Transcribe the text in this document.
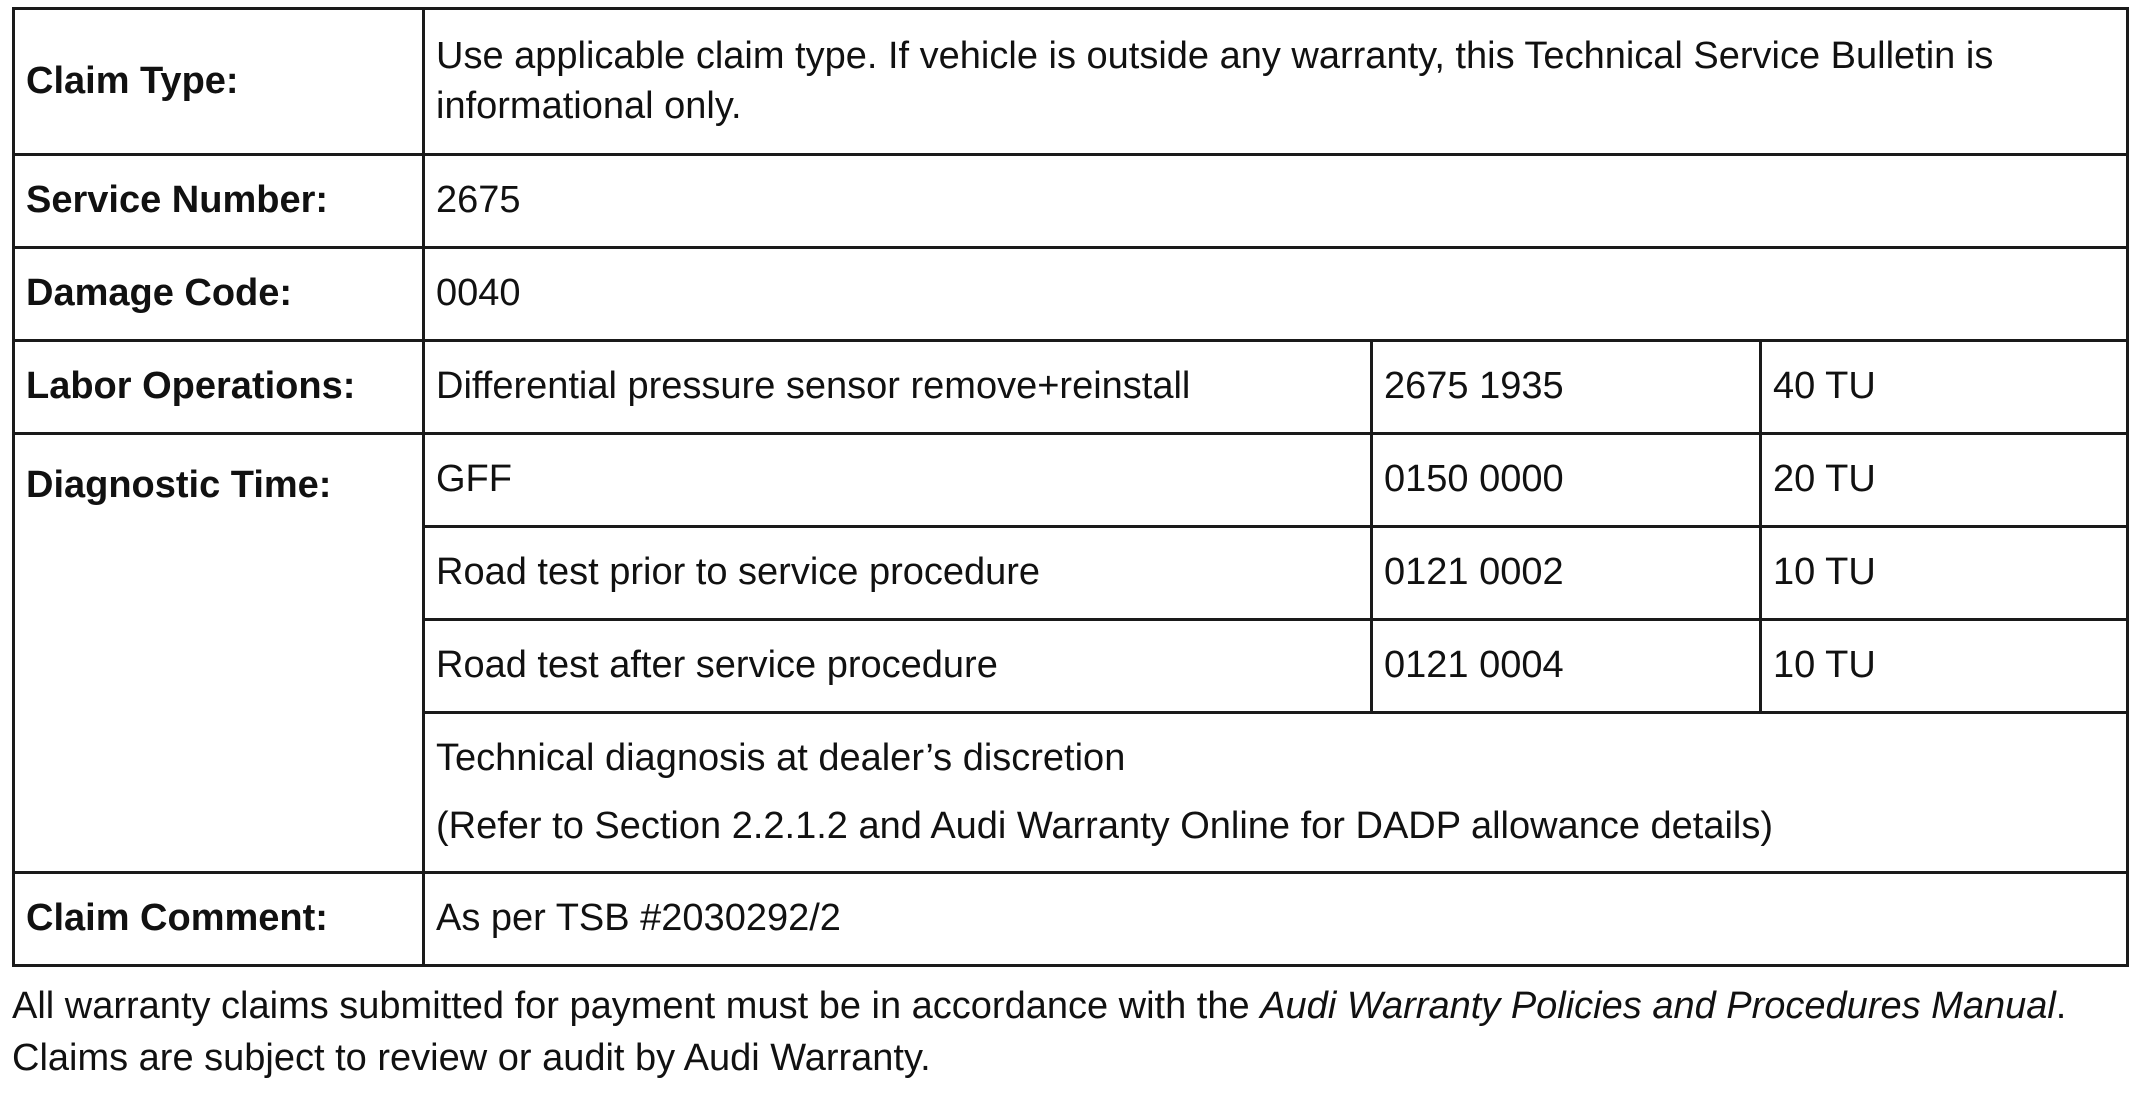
Claim Type:	Use applicable claim type. If vehicle is outside any warranty, this Technical Service Bulletin is informational only.		
Service Number:	2675		
Damage Code:	0040		
Labor Operations:	Differential pressure sensor remove+reinstall	2675 1935	40 TU
Diagnostic Time:	GFF	0150 0000	20 TU
	Road test prior to service procedure	0121 0002	10 TU
	Road test after service procedure	0121 0004	10 TU

	Technical diagnosis at dealer’s discretion
(Refer to Section 2.2.1.2 and Audi Warranty Online for DADP allowance details)		

Claim Comment:	As per TSB #2030292/2		
All warranty claims submitted for payment must be in accordance with the Audi Warranty Policies and Procedures Manual. Claims are subject to review or audit by Audi Warranty.
